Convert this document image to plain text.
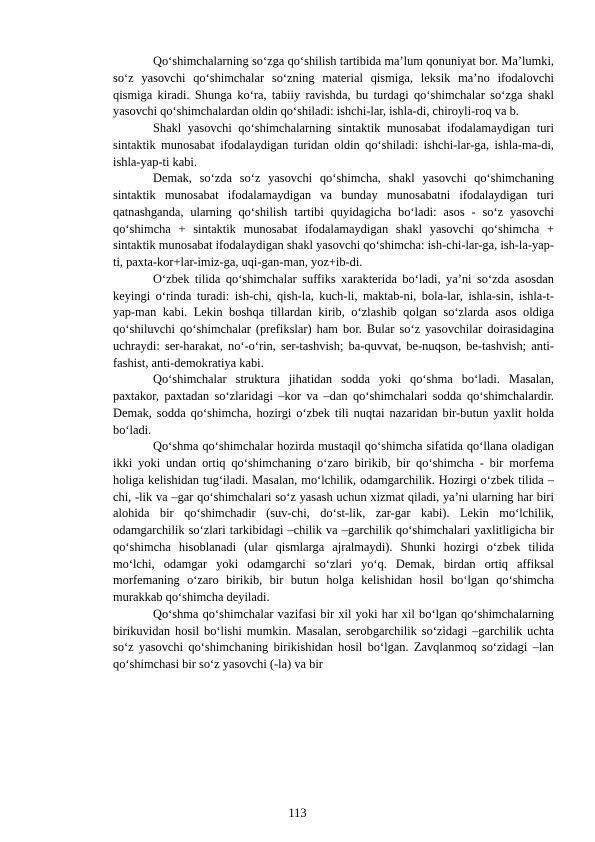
Qo‘shimchalarning so‘zga qo‘shilish tartibida ma’lum qonuniyat bor. Ma’lumki, so‘z yasovchi qo‘shimchalar so‘zning material qismiga, leksik ma’no ifodalovchi qismiga kiradi. Shunga ko‘ra, tabiiy ravishda, bu turdagi qo‘shimchalar so‘zga shakl yasovchi qo‘shimchalardan oldin qo‘shiladi: ishchi-lar, ishla-di, chiroyli-roq va b.

Shakl yasovchi qo‘shimchalarning sintaktik munosabat ifodalamaydigan turi sintaktik munosabat ifodalaydigan turidan oldin qo‘shiladi: ishchi-lar-ga, ishla-ma-di, ishla-yap-ti kabi.

Demak, so‘zda so‘z yasovchi qo‘shimcha, shakl yasovchi qo‘shimchaning sintaktik munosabat ifodalamaydigan va bunday munosabatni ifodalaydigan turi qatnashganda, ularning qo‘shilish tartibi quyidagicha bo‘ladi: asos - so‘z yasovchi qo‘shimcha + sintaktik munosabat ifodalamaydigan shakl yasovchi qo‘shimcha + sintaktik munosabat ifodalaydigan shakl yasovchi qo‘shimcha: ish-chi-lar-ga, ish-la-yap-ti, paxta-kor+lar-imiz-ga, uqi-gan-man, yoz+ib-di.

O‘zbek tilida qo‘shimchalar suffiks xarakterida bo‘ladi, ya’ni so‘zda asosdan keyingi o‘rinda turadi: ish-chi, qish-la, kuch-li, maktab-ni, bola-lar, ishla-sin, ishla-t-yap-man kabi. Lekin boshqa tillardan kirib, o‘zlashib qolgan so‘zlarda asos oldiga qo‘shiluvchi qo‘shimchalar (prefikslar) ham bor. Bular so‘z yasovchilar doirasidagina uchraydi: ser-harakat, no‘-o‘rin, ser-tashvish; ba-quvvat, be-nuqson, be-tashvish; anti-fashist, anti-demokratiya kabi.

Qo‘shimchalar struktura jihatidan sodda yoki qo‘shma bo‘ladi. Masalan, paxtakor, paxtadan so‘zlaridagi –kor va –dan qo‘shimchalari sodda qo‘shimchalardir. Demak, sodda qo‘shimcha, hozirgi o‘zbek tili nuqtai nazaridan bir-butun yaxlit holda bo‘ladi.

Qo‘shma qo‘shimchalar hozirda mustaqil qo‘shimcha sifatida qo‘llana oladigan ikki yoki undan ortiq qo‘shimchaning o‘zaro birikib, bir qo‘shimcha - bir morfema holiga kelishidan tug‘iladi. Masalan, mo‘lchilik, odamgarchilik. Hozirgi o‘zbek tilida –chi, -lik va –gar qo‘shimchalari so‘z yasash uchun xizmat qiladi, ya’ni ularning har biri alohida bir qo‘shimchadir (suv-chi, do‘st-lik, zar-gar kabi). Lekin mo‘lchilik, odamgarchilik so‘zlari tarkibidagi –chilik va –garchilik qo‘shimchalari yaxlitligicha bir qo‘shimcha hisoblanadi (ular qismlarga ajralmaydi). Shunki hozirgi o‘zbek tilida mo‘lchi, odamgar yoki odamgarchi so‘zlari yo‘q. Demak, birdan ortiq affiksal morfemaning o‘zaro birikib, bir butun holga kelishidan hosil bo‘lgan qo‘shimcha murakkab qo‘shimcha deyiladi.

Qo‘shma qo‘shimchalar vazifasi bir xil yoki har xil bo‘lgan qo‘shimchalarning birikuvidan hosil bo‘lishi mumkin. Masalan, serobgarchilik so‘zidagi –garchilik uchta so‘z yasovchi qo‘shimchaning birikishidan hosil bo‘lgan. Zavqlanmoq so‘zidagi –lan qo‘shimchasi bir so‘z yasovchi (-la) va bir

113
